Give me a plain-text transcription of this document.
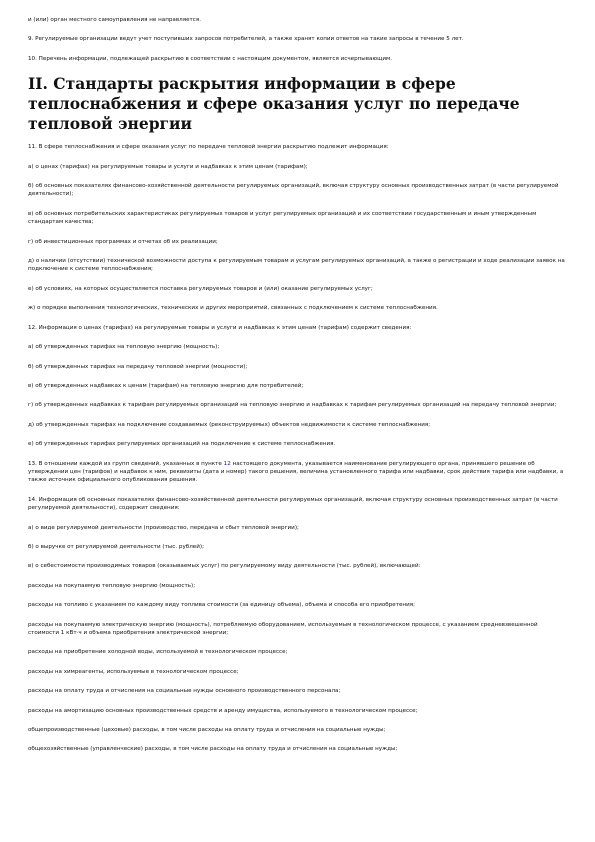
и (или) орган местного самоуправления не направляется.

9. Регулируемые организации ведут учет поступивших запросов потребителей, а также хранят копии ответов на такие запросы в течение 5 лет.

10. Перечень информации, подлежащей раскрытию в соответствии с настоящим документом, является исчерпывающим.

II. Стандарты раскрытия информации в сфере теплоснабжения и сфере оказания услуг по передаче тепловой энергии

11. В сфере теплоснабжения и сфере оказания услуг по передаче тепловой энергии раскрытию подлежит информация:

а) о ценах (тарифах) на регулируемые товары и услуги и надбавках к этим ценам (тарифам);

б) об основных показателях финансово-хозяйственной деятельности регулируемых организаций, включая структуру основных производственных затрат (в части регулируемой деятельности);

в) об основных потребительских характеристиках регулируемых товаров и услуг регулируемых организаций и их соответствии государственным и иным утвержденным стандартам качества;

г) об инвестиционных программах и отчетах об их реализации;

д) о наличии (отсутствии) технической возможности доступа к регулируемым товарам и услугам регулируемых организаций, а также о регистрации и ходе реализации заявок на подключение к системе теплоснабжения;

е) об условиях, на которых осуществляется поставка регулируемых товаров и (или) оказание регулируемых услуг;

ж) о порядке выполнения технологических, технических и других мероприятий, связанных с подключением к системе теплоснабжения.

12. Информация о ценах (тарифах) на регулируемые товары и услуги и надбавках к этим ценам (тарифам) содержит сведения:

а) об утвержденных тарифах на тепловую энергию (мощность);

б) об утвержденных тарифах на передачу тепловой энергии (мощности);

в) об утвержденных надбавках к ценам (тарифам) на тепловую энергию для потребителей;

г) об утвержденных надбавках к тарифам регулируемых организаций на тепловую энергию и надбавках к тарифам регулируемых организаций на передачу тепловой энергии;

д) об утвержденных тарифах на подключение создаваемых (реконструируемых) объектов недвижимости к системе теплоснабжения;

е) об утвержденных тарифах регулируемых организаций на подключение к системе теплоснабжения.

13. В отношении каждой из групп сведений, указанных в пункте 12 настоящего документа, указывается наименование регулирующего органа, принявшего решение об утверждении цен (тарифов) и надбавок к ним, реквизиты (дата и номер) такого решения, величина установленного тарифа или надбавки, срок действия тарифа или надбавки, а также источник официального опубликования решения.

14. Информация об основных показателях финансово-хозяйственной деятельности регулируемых организаций, включая структуру основных производственных затрат (в части регулируемой деятельности), содержит сведения:

а) о виде регулируемой деятельности (производство, передача и сбыт тепловой энергии);

б) о выручке от регулируемой деятельности (тыс. рублей);

в) о себестоимости производимых товаров (оказываемых услуг) по регулируемому виду деятельности (тыс. рублей), включающей:

расходы на покупаемую тепловую энергию (мощность);

расходы на топливо с указанием по каждому виду топлива стоимости (за единицу объема), объема и способа его приобретения;

расходы на покупаемую электрическую энергию (мощность), потребляемую оборудованием, используемым в технологическом процессе, с указанием средневзвешенной стоимости 1 кВт·ч и объема приобретения электрической энергии;

расходы на приобретение холодной воды, используемой в технологическом процессе;

расходы на химреагенты, используемые в технологическом процессе;

расходы на оплату труда и отчисления на социальные нужды основного производственного персонала;

расходы на амортизацию основных производственных средств и аренду имущества, используемого в технологическом процессе;

общепроизводственные (цеховые) расходы, в том числе расходы на оплату труда и отчисления на социальные нужды;

общехозяйственные (управленческие) расходы, в том числе расходы на оплату труда и отчисления на социальные нужды;
